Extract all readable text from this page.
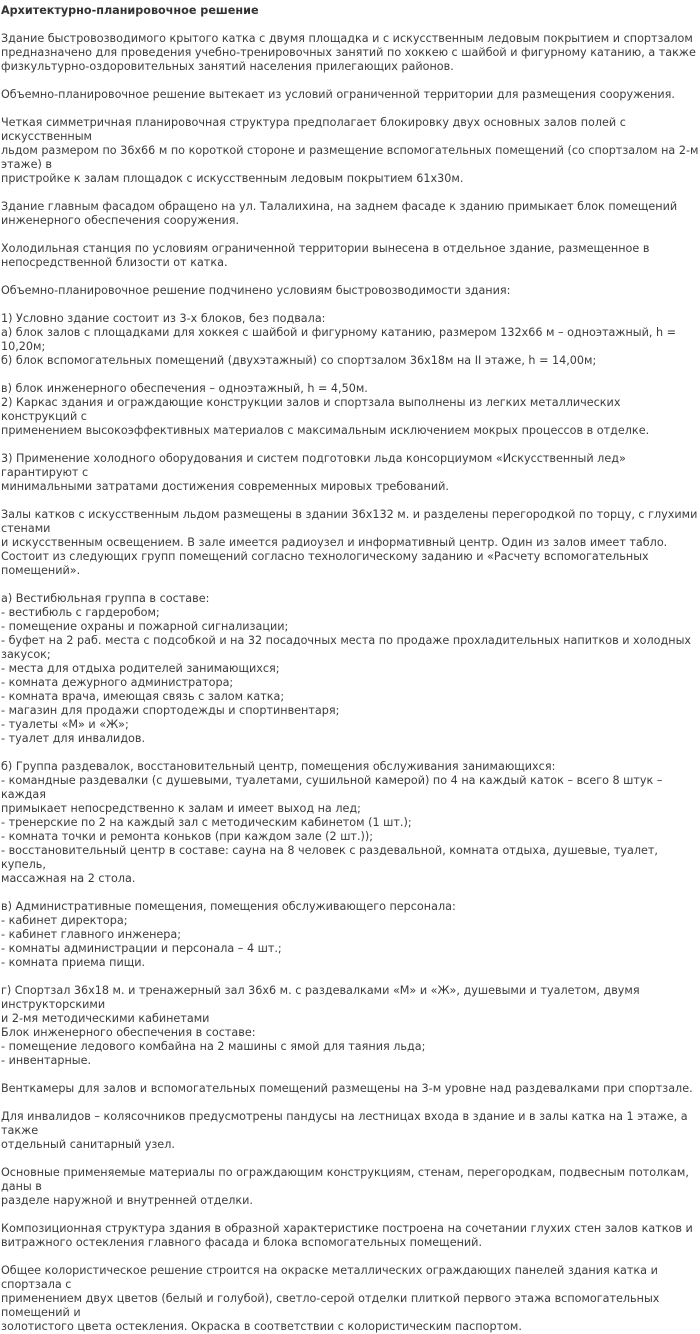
Архитектурно-планировочное решение

Здание быстровозводимого крытого катка с двумя площадка и с искусственным ледовым покрытием и спортзалом
предназначено для проведения учебно-тренировочных занятий по хоккею с шайбой и фигурному катанию, а также
физкультурно-оздоровительных занятий населения прилегающих районов.

Объемно-планировочное решение вытекает из условий ограниченной территории для размещения сооружения.

Четкая симметричная планировочная структура предполагает блокировку двух основных залов полей с искусственным
льдом размером по 36х66 м по короткой стороне и размещение вспомогательных помещений (со спортзалом на 2-м этаже) в
пристройке к залам площадок с искусственным ледовым покрытием 61х30м.

Здание главным фасадом обращено на ул. Талалихина, на заднем фасаде к зданию примыкает блок помещений
инженерного обеспечения сооружения.

Холодильная станция по условиям ограниченной территории вынесена в отдельное здание, размещенное в
непосредственной близости от катка.

Объемно-планировочное решение подчинено условиям быстровозводимости здания:

1) Условно здание состоит из 3-х блоков, без подвала:
а) блок залов с площадками для хоккея с шайбой и фигурному катанию, размером 132х66 м – одноэтажный, h = 10,20м;
б) блок вспомогательных помещений (двухэтажный) со спортзалом 36х18м на II этаже, h = 14,00м;

в) блок инженерного обеспечения – одноэтажный, h = 4,50м.
2) Каркас здания и ограждающие конструкции залов и спортзала выполнены из легких металлических конструкций с
применением высокоэффективных материалов с максимальным исключением мокрых процессов в отделке.

3) Применение холодного оборудования и систем подготовки льда консорциумом «Искусственный лед» гарантируют с
минимальными затратами достижения современных мировых требований.

Залы катков с искусственным льдом размещены в здании 36х132 м. и разделены перегородкой по торцу, с глухими стенами
и искусственным освещением. В зале имеется радиоузел и информативный центр. Один из залов имеет табло.
Состоит из следующих групп помещений согласно технологическому заданию и «Расчету вспомогательных помещений».

а) Вестибюльная группа в составе:
- вестибюль с гардеробом;
- помещение охраны и пожарной сигнализации;
- буфет на 2 раб. места с подсобкой и на 32 посадочных места по продаже прохладительных напитков и холодных закусок;
- места для отдыха родителей занимающихся;
- комната дежурного администратора;
- комната врача, имеющая связь с залом катка;
- магазин для продажи спортодежды и спортинвентаря;
- туалеты «М» и «Ж»;
- туалет для инвалидов.

б) Группа раздевалок, восстановительный центр, помещения обслуживания занимающихся:
- командные раздевалки (с душевыми, туалетами, сушильной камерой) по 4 на каждый каток – всего 8 штук – каждая
примыкает непосредственно к залам и имеет выход на лед;
- тренерские по 2 на каждый зал с методическим кабинетом (1 шт.);
- комната точки и ремонта коньков (при каждом зале (2 шт.));
- восстановительный центр в составе: сауна на 8 человек с раздевальной, комната отдыха, душевые, туалет, купель,
массажная на 2 стола.

в) Административные помещения, помещения обслуживающего персонала:
- кабинет директора;
- кабинет главного инженера;
- комнаты администрации и персонала – 4 шт.;
- комната приема пищи.

г) Спортзал 36х18 м. и тренажерный зал 36х6 м. с раздевалками «М» и «Ж», душевыми и туалетом, двумя инструкторскими
и 2-мя методическими кабинетами
Блок инженерного обеспечения в составе:
- помещение ледового комбайна на 2 машины с ямой для таяния льда;
- инвентарные.

Венткамеры для залов и вспомогательных помещений размещены на 3-м уровне над раздевалками при спортзале.

Для инвалидов – колясочников предусмотрены пандусы на лестницах входа в здание и в залы катка на 1 этаже, а также
отдельный санитарный узел.

Основные применяемые материалы по ограждающим конструкциям, стенам, перегородкам, подвесным потолкам, даны в
разделе наружной и внутренней отделки.

Композиционная структура здания в образной характеристике построена на сочетании глухих стен залов катков и
витражного остекления главного фасада и блока вспомогательных помещений.

Общее колористическое решение строится на окраске металлических ограждающих панелей здания катка и спортзала с
применением двух цветов (белый и голубой), светло-серой отделки плиткой первого этажа вспомогательных помещений и
золотистого цвета остекления. Окраска в соответствии с колористическим паспортом.
